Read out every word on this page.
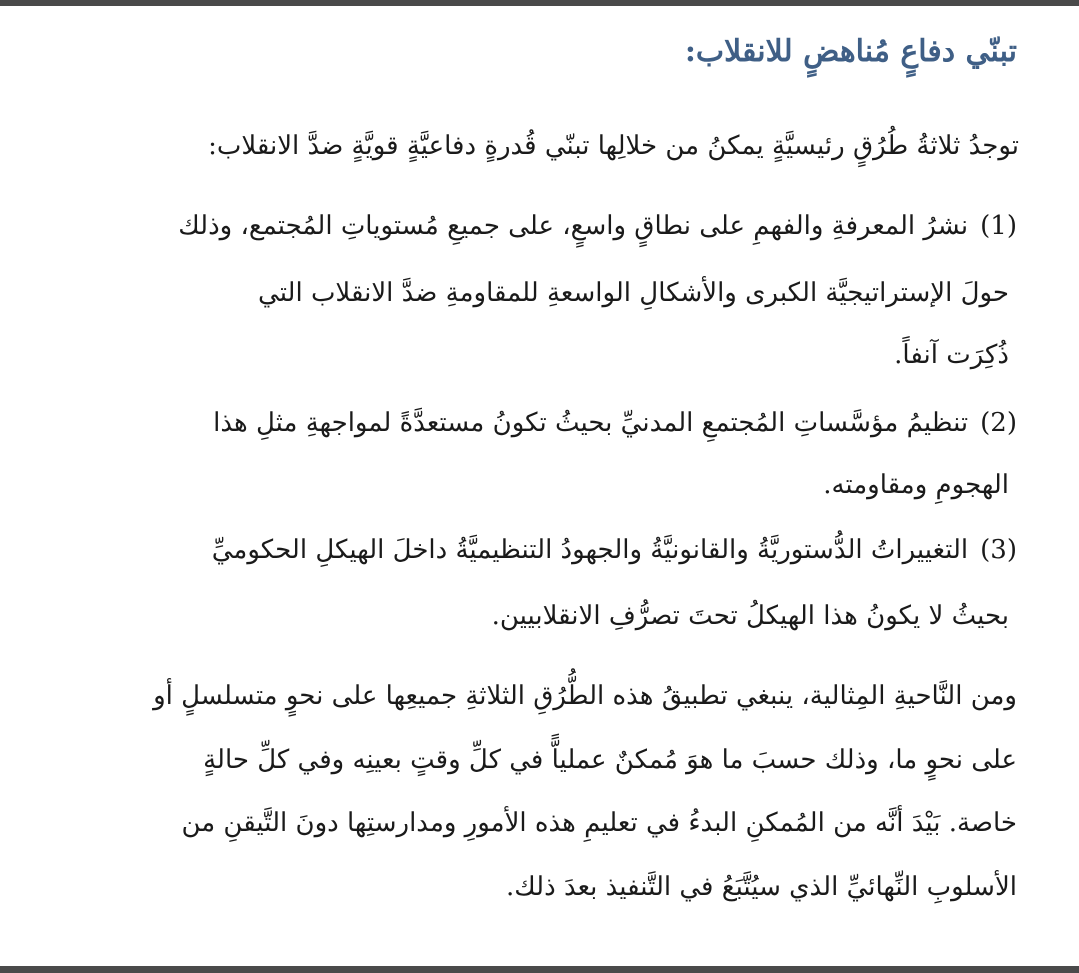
تبنّي دفاعٍ مُناهضٍ للانقلاب:
توجدُ ثلاثةُ طُرُقٍ رئيسيَّةٍ يمكنُ من خلالِها تبنّي قُدرةٍ دفاعيَّةٍ قويَّةٍ ضدَّ الانقلاب:
(1)نشرُ المعرفةِ والفهمِ على نطاقٍ واسعٍ، على جميعِ مُستوياتِ المُجتمع، وذلك
حولَ الإستراتيجيَّة الكبرى والأشكالِ الواسعةِ للمقاومةِ ضدَّ الانقلاب التي
ذُكِرَت آنفاً.
(2)تنظيمُ مؤسَّساتِ المُجتمعِ المدنيِّ بحيثُ تكونُ مستعدَّةً لمواجهةِ مثلِ هذا
الهجومِ ومقاومته.
(3)التغييراتُ الدُّستوريَّةُ والقانونيَّةُ والجهودُ التنظيميَّةُ داخلَ الهيكلِ الحكوميِّ
بحيثُ لا يكونُ هذا الهيكلُ تحتَ تصرُّفِ الانقلابيين.
ومن النَّاحيةِ المِثالية، ينبغي تطبيقُ هذه الطُّرُقِ الثلاثةِ جميعِها على نحوٍ متسلسلٍ أو
على نحوٍ ما، وذلك حسبَ ما هوَ مُمكنٌ عملياًّ في كلِّ وقتٍ بعينِه وفي كلِّ حالةٍ
خاصة. بَيْدَ أنَّه من المُمكنِ البدءُ في تعليمِ هذه الأمورِ ومدارستِها دونَ التَّيقنِ من
الأسلوبِ النِّهائيِّ الذي سيُتَّبَعُ في التَّنفيذ بعدَ ذلك.
